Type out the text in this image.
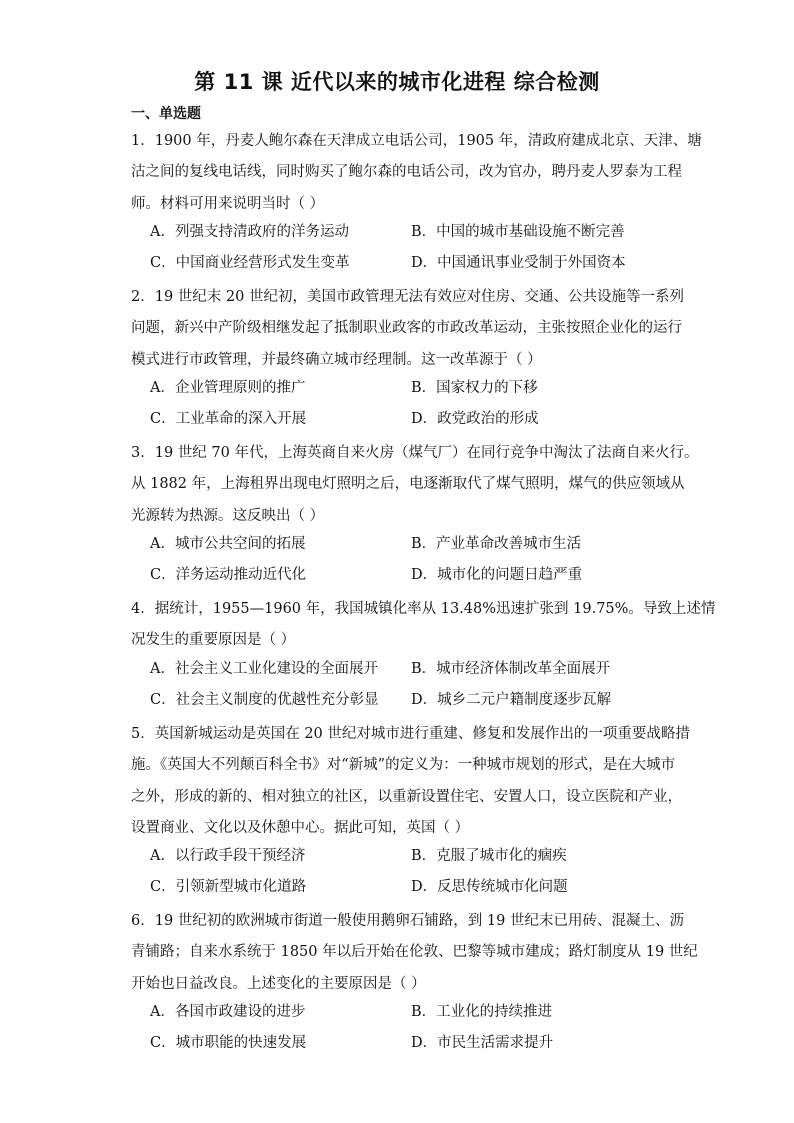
第 11 课 近代以来的城市化进程 综合检测
一、单选题
1．1900 年，丹麦人鲍尔森在天津成立电话公司，1905 年，清政府建成北京、天津、塘
沽之间的复线电话线，同时购买了鲍尔森的电话公司，改为官办，聘丹麦人罗泰为工程
师。材料可用来说明当时（ ）
A．列强支持清政府的洋务运动	B．中国的城市基础设施不断完善
C．中国商业经营形式发生变革	D．中国通讯事业受制于外国资本
2．19 世纪末 20 世纪初，美国市政管理无法有效应对住房、交通、公共设施等一系列
问题，新兴中产阶级相继发起了抵制职业政客的市政改革运动，主张按照企业化的运行
模式进行市政管理，并最终确立城市经理制。这一改革源于（ ）
A．企业管理原则的推广	B．国家权力的下移
C．工业革命的深入开展	D．政党政治的形成
3．19 世纪 70 年代，上海英商自来火房（煤气厂）在同行竞争中淘汰了法商自来火行。
从 1882 年，上海租界出现电灯照明之后，电逐渐取代了煤气照明，煤气的供应领域从
光源转为热源。这反映出（ ）
A．城市公共空间的拓展	B．产业革命改善城市生活
C．洋务运动推动近代化	D．城市化的问题日趋严重
4．据统计，1955—1960 年，我国城镇化率从 13.48%迅速扩张到 19.75%。导致上述情
况发生的重要原因是（ ）
A．社会主义工业化建设的全面展开 B．城市经济体制改革全面展开
C．社会主义制度的优越性充分彰显 D．城乡二元户籍制度逐步瓦解
5．英国新城运动是英国在 20 世纪对城市进行重建、修复和发展作出的一项重要战略措
施。《英国大不列颠百科全书》对“新城”的定义为：一种城市规划的形式，是在大城市
之外，形成的新的、相对独立的社区，以重新设置住宅、安置人口，设立医院和产业，
设置商业、文化以及休憩中心。据此可知，英国（ ）
A．以行政手段干预经济	B．克服了城市化的痼疾
C．引领新型城市化道路	D．反思传统城市化问题
6．19 世纪初的欧洲城市街道一般使用鹅卵石铺路，到 19 世纪末已用砖、混凝土、沥
青铺路；自来水系统于 1850 年以后开始在伦敦、巴黎等城市建成；路灯制度从 19 世纪
开始也日益改良。上述变化的主要原因是（ ）
A．各国市政建设的进步	B．工业化的持续推进
C．城市职能的快速发展	D．市民生活需求提升
